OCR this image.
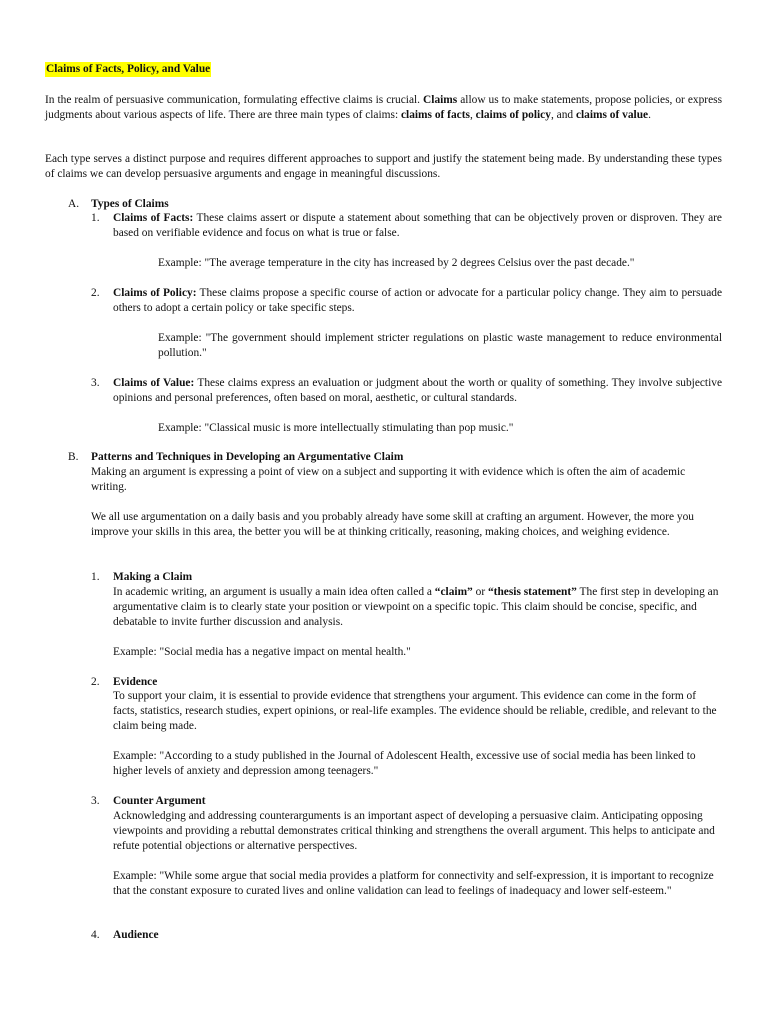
Claims of Facts, Policy, and Value

In the realm of persuasive communication, formulating effective claims is crucial. Claims allow us to make statements, propose policies, or express judgments about various aspects of life. There are three main types of claims: claims of facts, claims of policy, and claims of value.

Each type serves a distinct purpose and requires different approaches to support and justify the statement being made. By understanding these types of claims we can develop persuasive arguments and engage in meaningful discussions.

A. Types of Claims
1. Claims of Facts: These claims assert or dispute a statement about something that can be objectively proven or disproven. They are based on verifiable evidence and focus on what is true or false.

Example: "The average temperature in the city has increased by 2 degrees Celsius over the past decade."

2. Claims of Policy: These claims propose a specific course of action or advocate for a particular policy change. They aim to persuade others to adopt a certain policy or take specific steps.

Example: "The government should implement stricter regulations on plastic waste management to reduce environmental pollution."

3. Claims of Value: These claims express an evaluation or judgment about the worth or quality of something. They involve subjective opinions and personal preferences, often based on moral, aesthetic, or cultural standards.

Example: "Classical music is more intellectually stimulating than pop music."

B. Patterns and Techniques in Developing an Argumentative Claim

Making an argument is expressing a point of view on a subject and supporting it with evidence which is often the aim of academic writing.

We all use argumentation on a daily basis and you probably already have some skill at crafting an argument. However, the more you improve your skills in this area, the better you will be at thinking critically, reasoning, making choices, and weighing evidence.

1. Making a Claim

In academic writing, an argument is usually a main idea often called a “claim” or “thesis statement” The first step in developing an argumentative claim is to clearly state your position or viewpoint on a specific topic. This claim should be concise, specific, and debatable to invite further discussion and analysis.

Example: "Social media has a negative impact on mental health."

2. Evidence

To support your claim, it is essential to provide evidence that strengthens your argument. This evidence can come in the form of facts, statistics, research studies, expert opinions, or real-life examples. The evidence should be reliable, credible, and relevant to the claim being made.

Example: "According to a study published in the Journal of Adolescent Health, excessive use of social media has been linked to higher levels of anxiety and depression among teenagers."

3. Counter Argument

Acknowledging and addressing counterarguments is an important aspect of developing a persuasive claim. Anticipating opposing viewpoints and providing a rebuttal demonstrates critical thinking and strengthens the overall argument. This helps to anticipate and refute potential objections or alternative perspectives.

Example: "While some argue that social media provides a platform for connectivity and self-expression, it is important to recognize that the constant exposure to curated lives and online validation can lead to feelings of inadequacy and lower self-esteem."

4. Audience
